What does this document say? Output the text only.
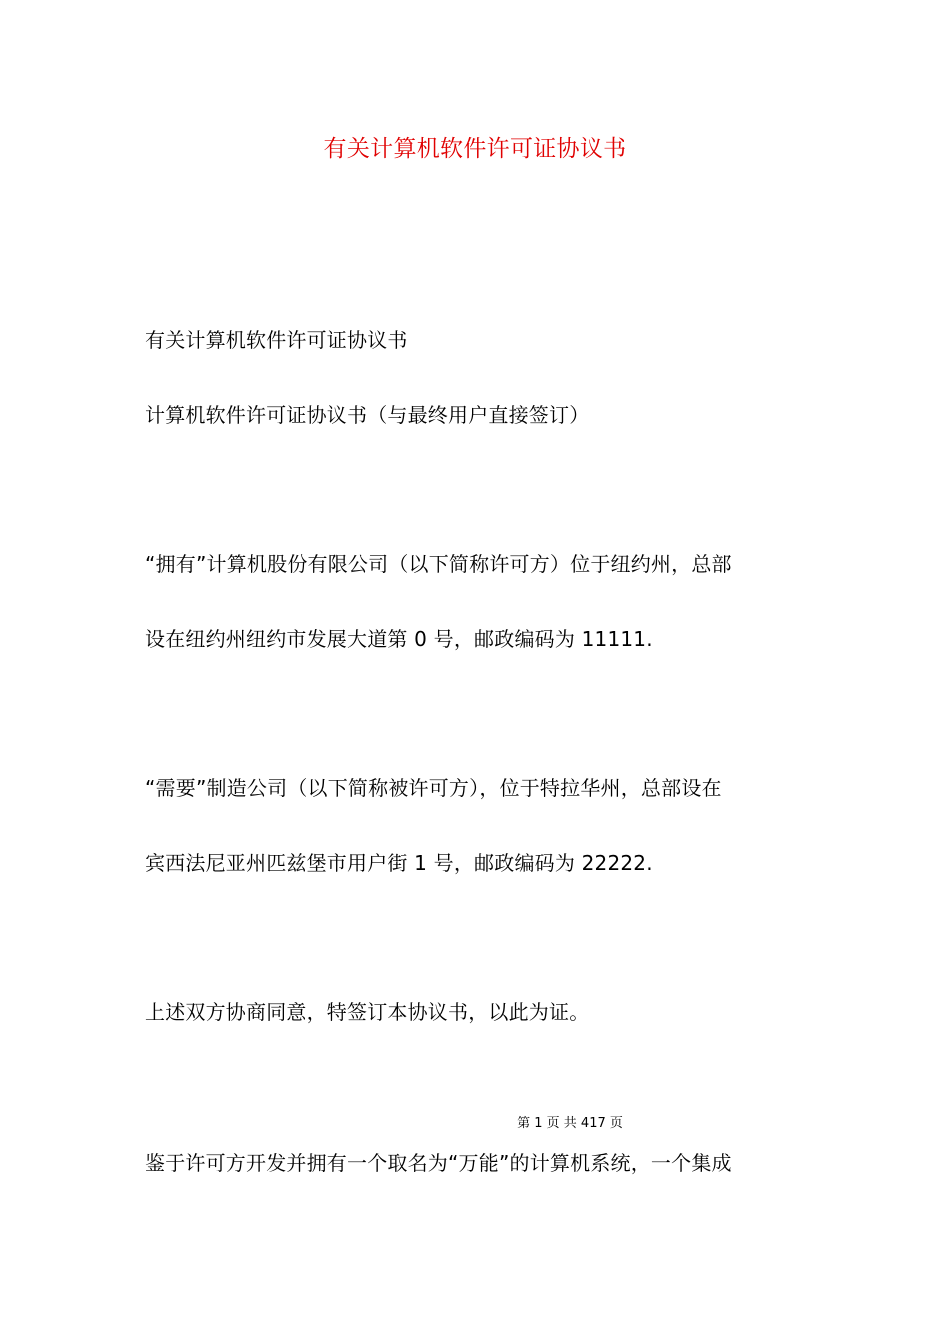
有关计算机软件许可证协议书
有关计算机软件许可证协议书
计算机软件许可证协议书（与最终用户直接签订）
“拥有”计算机股份有限公司（以下简称许可方）位于纽约州，总部
设在纽约州纽约市发展大道第 0 号，邮政编码为 11111.
“需要”制造公司（以下简称被许可方），位于特拉华州，总部设在
宾西法尼亚州匹兹堡市用户街 1 号，邮政编码为 22222.
上述双方协商同意，特签订本协议书，以此为证。
第 1 页 共 417 页
鉴于许可方开发并拥有一个取名为“万能”的计算机系统，一个集成
